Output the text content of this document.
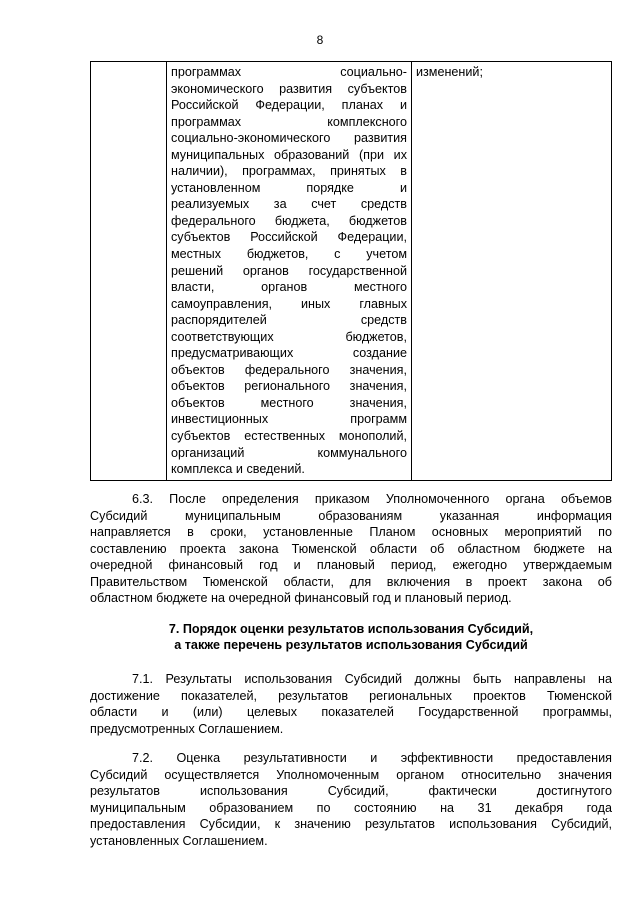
8

программах социально-
экономического развития субъектов
Российской Федерации, планах и
программах комплексного
социально-экономического развития
муниципальных образований (при их
наличии), программах, принятых в
установленном порядке и
реализуемых за счет средств
федерального бюджета, бюджетов
субъектов Российской Федерации,
местных бюджетов, с учетом
решений органов государственной
власти, органов местного
самоуправления, иных главных
распорядителей средств
соответствующих бюджетов,
предусматривающих создание
объектов федерального значения,
объектов регионального значения,
объектов местного значения,
инвестиционных программ
субъектов естественных монополий,
организаций коммунального
комплекса и сведений.
	изменений;
6.3. После определения приказом Уполномоченного органа объемов
Субсидий муниципальным образованиям указанная информация
направляется в сроки, установленные Планом основных мероприятий по
составлению проекта закона Тюменской области об областном бюджете на
очередной финансовый год и плановый период, ежегодно утверждаемым
Правительством Тюменской области, для включения в проект закона об
областном бюджете на очередной финансовый год и плановый период.
7. Порядок оценки результатов использования Субсидий,
а также перечень результатов использования Субсидий
7.1. Результаты использования Субсидий должны быть направлены на
достижение показателей, результатов региональных проектов Тюменской
области и (или) целевых показателей Государственной программы,
предусмотренных Соглашением.
7.2. Оценка результативности и эффективности предоставления
Субсидий осуществляется Уполномоченным органом относительно значения
результатов использования Субсидий, фактически достигнутого
муниципальным образованием по состоянию на 31 декабря года
предоставления Субсидии, к значению результатов использования Субсидий,
установленных Соглашением.
